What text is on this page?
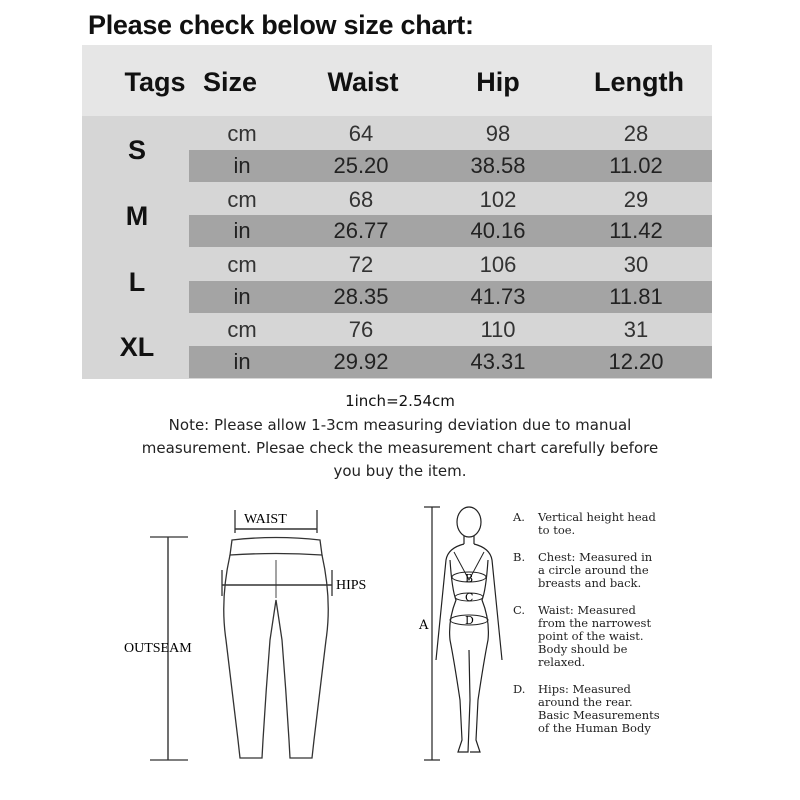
Please check below size chart:
Tags Size	Waist	Hip	Length
S
cm	64	98	28
in	25.20	38.58	11.02
M
cm	68	102	29
in	26.77	40.16	11.42
L
cm	72	106	30
in	28.35	41.73	11.81
XL
cm	76	110	31
in	29.92	43.31	12.20
1inch=2.54cm
Note: Please allow 1-3cm measuring deviation due to manual measurement. Plesae check the measurement chart carefully before you buy the item.
WAIST
HIPS
OUTSEAM
A
B
C
D
A. Vertical height head
to toe.
B. Chest: Measured in
a circle around the
breasts and back.
C. Waist: Measured
from the narrowest
point of the waist.
Body should be
relaxed.
D. Hips: Measured
around the rear.
Basic Measurements
of the Human Body
